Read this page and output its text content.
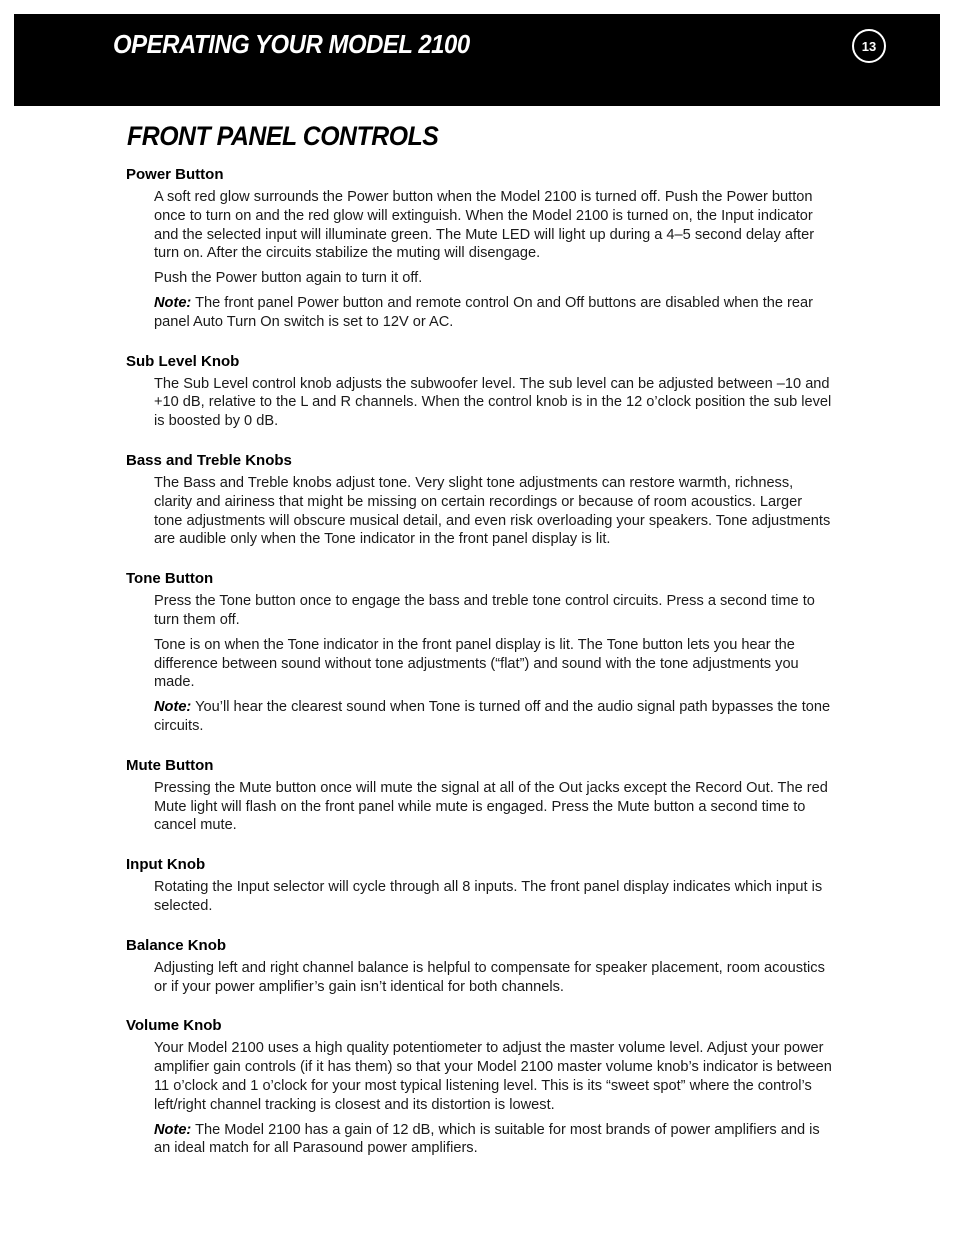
OPERATING YOUR MODEL 2100	13
FRONT PANEL CONTROLS
Power Button

A soft red glow surrounds the Power button when the Model 2100 is turned off. Push the Power button once to turn on and the red glow will extinguish. When the Model 2100 is turned on, the Input indicator and the selected input will illuminate green. The Mute LED will light up during a 4–5 second delay after turn on. After the circuits stabilize the muting will disengage.

Push the Power button again to turn it off.

Note: The front panel Power button and remote control On and Off buttons are disabled when the rear panel Auto Turn On switch is set to 12V or AC.

Sub Level Knob

The Sub Level control knob adjusts the subwoofer level. The sub level can be adjusted between –10 and +10 dB, relative to the L and R channels. When the control knob is in the 12 o’clock position the sub level is boosted by 0 dB.

Bass and Treble Knobs

The Bass and Treble knobs adjust tone. Very slight tone adjustments can restore warmth, richness, clarity and airiness that might be missing on certain recordings or because of room acoustics. Larger tone adjustments will obscure musical detail, and even risk overloading your speakers. Tone adjustments are audible only when the Tone indicator in the front panel display is lit.

Tone Button

Press the Tone button once to engage the bass and treble tone control circuits. Press a second time to turn them off.

Tone is on when the Tone indicator in the front panel display is lit. The Tone button lets you hear the difference between sound without tone adjustments (“flat”) and sound with the tone adjustments you made.

Note: You’ll hear the clearest sound when Tone is turned off and the audio signal path bypasses the tone circuits.

Mute Button

Pressing the Mute button once will mute the signal at all of the Out jacks except the Record Out. The red Mute light will flash on the front panel while mute is engaged. Press the Mute button a second time to cancel mute.

Input Knob

Rotating the Input selector will cycle through all 8 inputs. The front panel display indicates which input is selected.

Balance Knob

Adjusting left and right channel balance is helpful to compensate for speaker placement, room acoustics or if your power amplifier’s gain isn’t identical for both channels.

Volume Knob

Your Model 2100 uses a high quality potentiometer to adjust the master volume level. Adjust your power amplifier gain controls (if it has them) so that your Model 2100 master volume knob’s indicator is between 11 o’clock and 1 o’clock for your most typical listening level. This is its “sweet spot” where the control’s left/right channel tracking is closest and its distortion is lowest.

Note: The Model 2100 has a gain of 12 dB, which is suitable for most brands of power amplifiers and is an ideal match for all Parasound power amplifiers.
